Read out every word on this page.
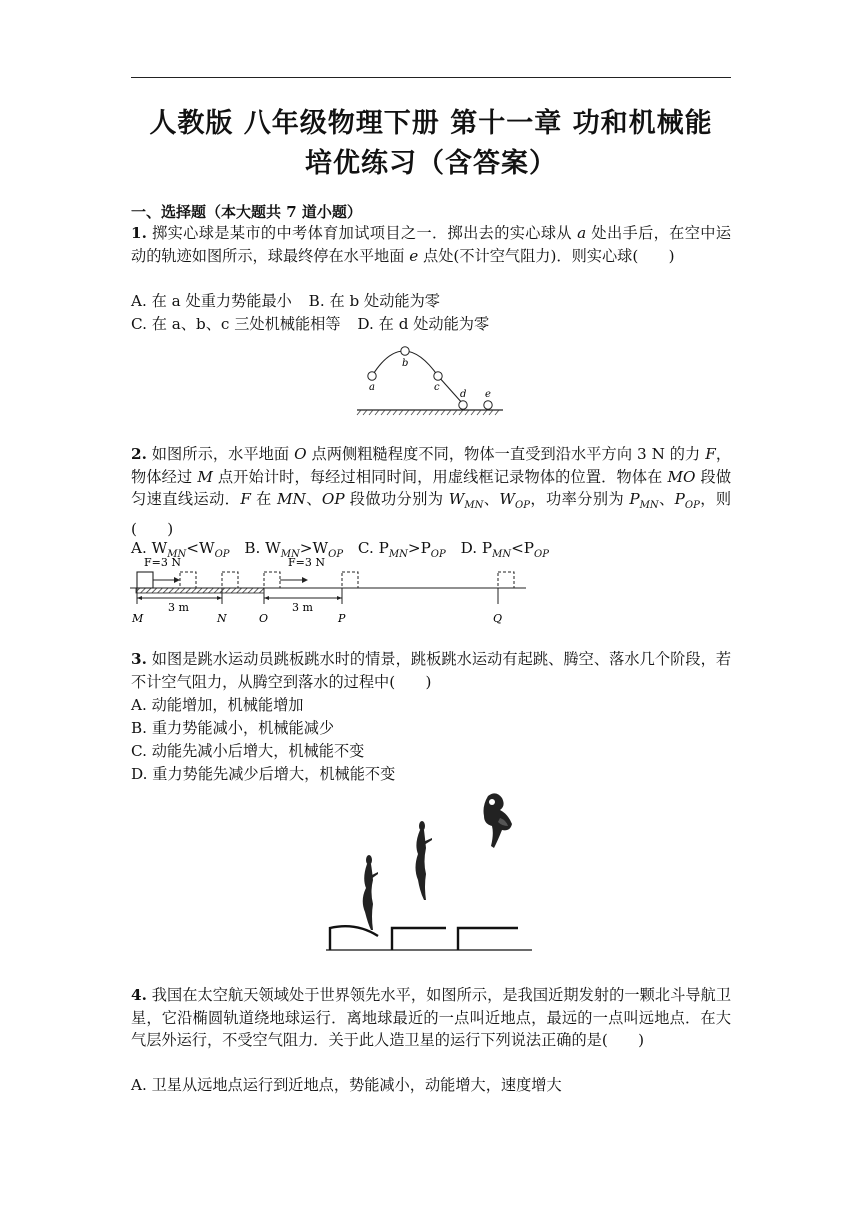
人教版 八年级物理下册 第十一章 功和机械能
培优练习（含答案）
一、选择题（本大题共 7 道小题）
1. 掷实心球是某市的中考体育加试项目之一．掷出去的实心球从 a 处出手后，在空中运动的轨迹如图所示，球最终停在水平地面 e 点处(不计空气阻力)．则实心球(　　)
A. 在 a 处重力势能最小 B. 在 b 处动能为零
C. 在 a、b、c 三处机械能相等 D. 在 d 处动能为零
a
b
c
d e
2. 如图所示，水平地面 O 点两侧粗糙程度不同，物体一直受到沿水平方向 3 N 的力 F，物体经过 M 点开始计时，每经过相同时间，用虚线框记录物体的位置．物体在 MO 段做匀速直线运动．F 在 MN、OP 段做功分别为 $W_{MN}$、$W_{OP}$，功率分别为 $P_{MN}$、$P_{OP}$，则(　　)
A. $W_{MN}<W_{OP}$ B. $W_{MN}>W_{OP}$ C. $P_{MN}>P_{OP}$ D. $P_{MN}<P_{OP}$
F=3 N	F=3 N
3 m	3 m
M	N	O	P	Q
3. 如图是跳水运动员跳板跳水时的情景，跳板跳水运动有起跳、腾空、落水几个阶段，若不计空气阻力，从腾空到落水的过程中(　　)
A. 动能增加，机械能增加
B. 重力势能减小，机械能减少
C. 动能先减小后增大，机械能不变
D. 重力势能先减少后增大，机械能不变
4. 我国在太空航天领域处于世界领先水平，如图所示，是我国近期发射的一颗北斗导航卫星，它沿椭圆轨道绕地球运行．离地球最近的一点叫近地点，最远的一点叫远地点．在大气层外运行，不受空气阻力．关于此人造卫星的运行下列说法正确的是(　　)
A. 卫星从远地点运行到近地点，势能减小，动能增大，速度增大
